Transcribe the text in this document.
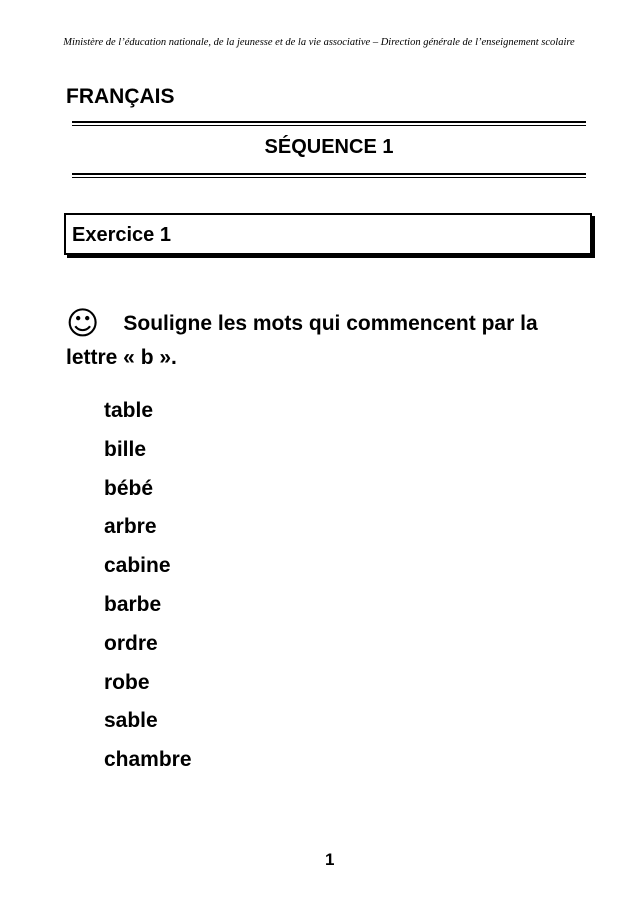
Ministère de l’éducation nationale, de la jeunesse et de la vie associative – Direction générale de l’enseignement scolaire
FRANÇAIS
SÉQUENCE 1
Exercice 1
☺ Souligne les mots qui commencent par la lettre « b ».
table
bille
bébé
arbre
cabine
barbe
ordre
robe
sable
chambre
1
